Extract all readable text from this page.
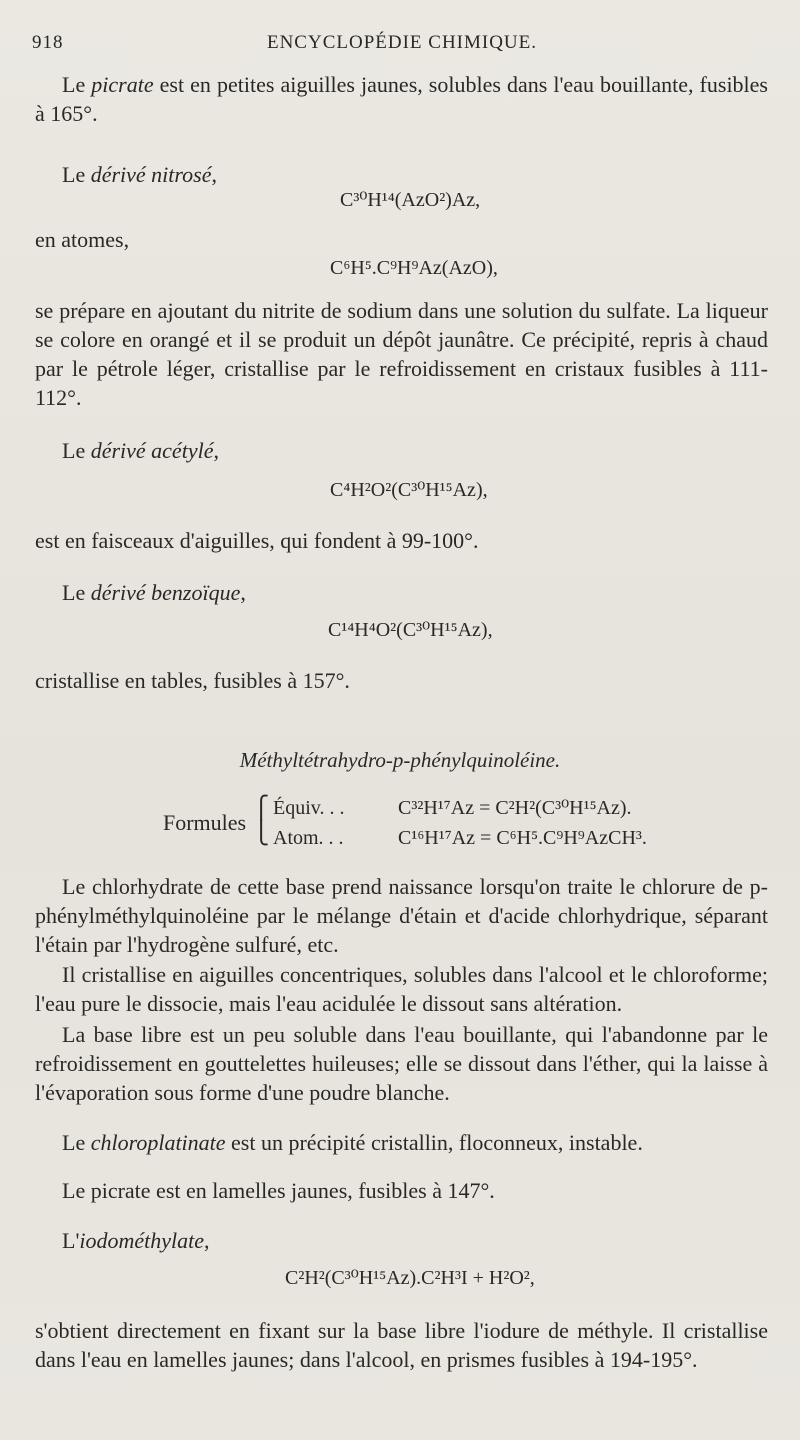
918	ENCYCLOPÉDIE CHIMIQUE.

Le picrate est en petites aiguilles jaunes, solubles dans l'eau bouillante, fusibles à 165°.

Le dérivé nitrosé,
C³⁰H¹⁴(AzO²)Az,
en atomes,
C⁶H⁵.C⁹H⁹Az(AzO),

se prépare en ajoutant du nitrite de sodium dans une solution du sulfate. La liqueur se colore en orangé et il se produit un dépôt jaunâtre. Ce précipité, repris à chaud par le pétrole léger, cristallise par le refroidissement en cristaux fusibles à 111-112°.

Le dérivé acétylé,
C⁴H²O²(C³⁰H¹⁵Az),
est en faisceaux d'aiguilles, qui fondent à 99-100°.
Le dérivé benzoïque,
C¹⁴H⁴O²(C³⁰H¹⁵Az),
cristallise en tables, fusibles à 157°.
Méthyltétrahydro-p-phénylquinoléine.
Formules
⎧
⎩
Équiv. . .	C³²H¹⁷Az = C²H²(C³⁰H¹⁵Az).
Atom. . .	C¹⁶H¹⁷Az = C⁶H⁵.C⁹H⁹AzCH³.

Le chlorhydrate de cette base prend naissance lorsqu'on traite le chlorure de p-phénylméthylquinoléine par le mélange d'étain et d'acide chlorhydrique, séparant l'étain par l'hydrogène sulfuré, etc.

Il cristallise en aiguilles concentriques, solubles dans l'alcool et le chloroforme; l'eau pure le dissocie, mais l'eau acidulée le dissout sans altération.

La base libre est un peu soluble dans l'eau bouillante, qui l'abandonne par le refroidissement en gouttelettes huileuses; elle se dissout dans l'éther, qui la laisse à l'évaporation sous forme d'une poudre blanche.

Le chloroplatinate est un précipité cristallin, floconneux, instable.
Le picrate est en lamelles jaunes, fusibles à 147°.
L'iodométhylate,
C²H²(C³⁰H¹⁵Az).C²H³I + H²O²,

s'obtient directement en fixant sur la base libre l'iodure de méthyle. Il cristallise dans l'eau en lamelles jaunes; dans l'alcool, en prismes fusibles à 194-195°.
